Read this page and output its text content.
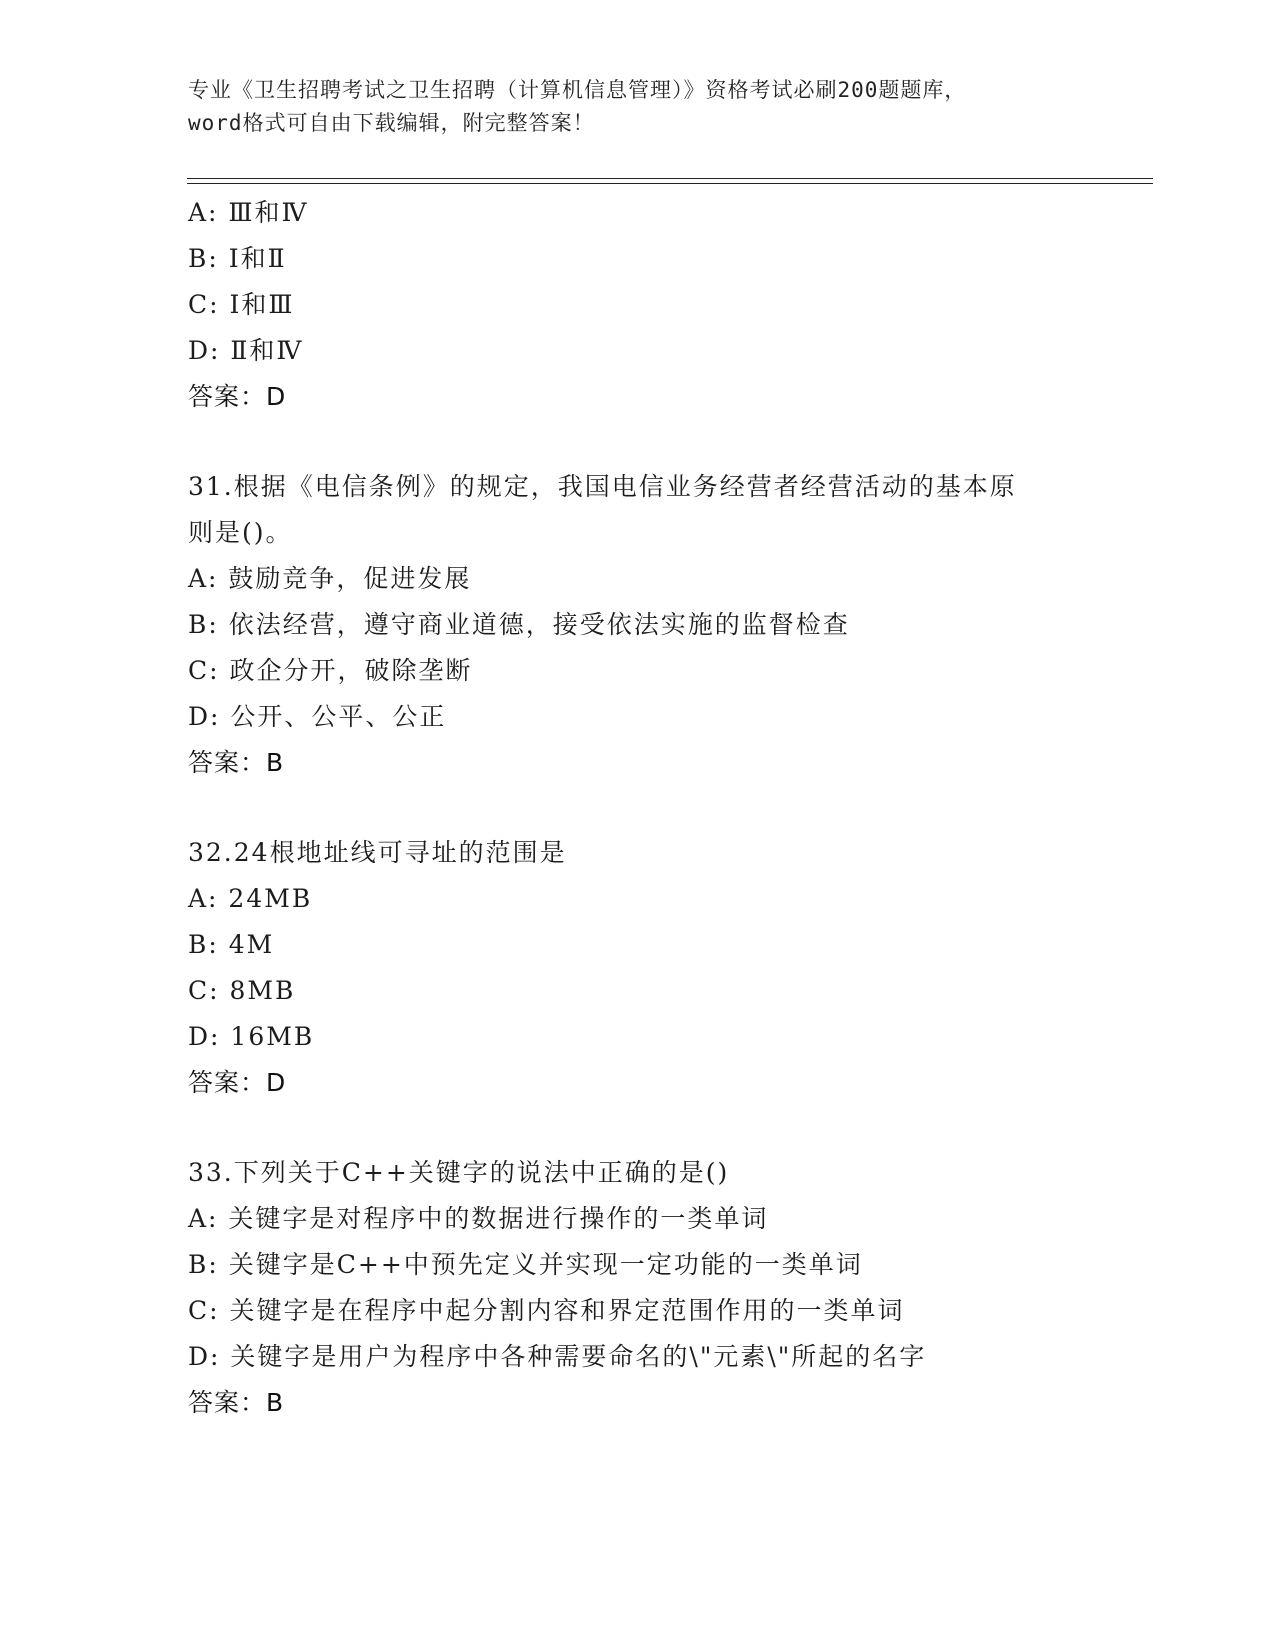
专业《卫生招聘考试之卫生招聘（计算机信息管理）》资格考试必刷200题题库，
word格式可自由下载编辑，附完整答案！
A: Ⅲ和Ⅳ
B: Ⅰ和Ⅱ
C: Ⅰ和Ⅲ
D: Ⅱ和Ⅳ
答案：D
31.根据《电信条例》的规定，我国电信业务经营者经营活动的基本原
则是()。
A: 鼓励竞争，促进发展
B: 依法经营，遵守商业道德，接受依法实施的监督检查
C: 政企分开，破除垄断
D: 公开、公平、公正
答案：B
32.24根地址线可寻址的范围是
A: 24MB
B: 4M
C: 8MB
D: 16MB
答案：D
33.下列关于C++关键字的说法中正确的是()
A: 关键字是对程序中的数据进行操作的一类单词
B: 关键字是C++中预先定义并实现一定功能的一类单词
C: 关键字是在程序中起分割内容和界定范围作用的一类单词
D: 关键字是用户为程序中各种需要命名的\"元素\"所起的名字
答案：B
